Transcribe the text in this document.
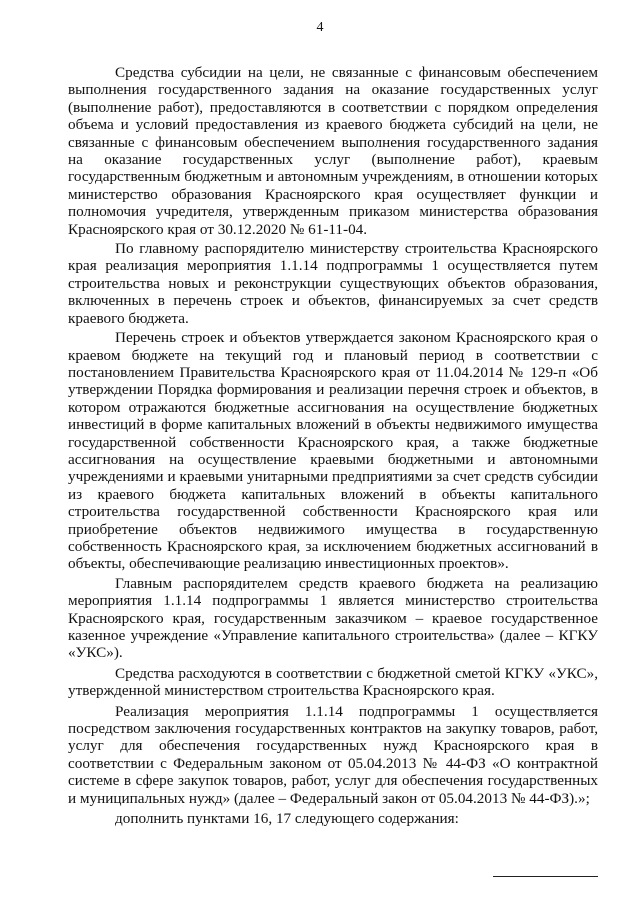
4

Средства субсидии на цели, не связанные с финансовым обеспечением выполнения государственного задания на оказание государственных услуг (выполнение работ), предоставляются в соответствии с порядком определения объема и условий предоставления из краевого бюджета субсидий на цели, не связанные с финансовым обеспечением выполнения государственного задания на оказание государственных услуг (выполнение работ), краевым государственным бюджетным и автономным учреждениям, в отношении которых министерство образования Красноярского края осуществляет функции и полномочия учредителя, утвержденным приказом министерства образования Красноярского края от 30.12.2020 № 61-11-04.

По главному распорядителю министерству строительства Красноярского края реализация мероприятия 1.1.14 подпрограммы 1 осуществляется путем строительства новых и реконструкции существующих объектов образования, включенных в перечень строек и объектов, финансируемых за счет средств краевого бюджета.

Перечень строек и объектов утверждается законом Красноярского края о краевом бюджете на текущий год и плановый период в соответствии с постановлением Правительства Красноярского края от 11.04.2014 № 129-п «Об утверждении Порядка формирования и реализации перечня строек и объектов, в котором отражаются бюджетные ассигнования на осуществление бюджетных инвестиций в форме капитальных вложений в объекты недвижимого имущества государственной собственности Красноярского края, а также бюджетные ассигнования на осуществление краевыми бюджетными и автономными учреждениями и краевыми унитарными предприятиями за счет средств субсидии из краевого бюджета капитальных вложений в объекты капитального строительства государственной собственности Красноярского края или приобретение объектов недвижимого имущества в государственную собственность Красноярского края, за исключением бюджетных ассигнований в объекты, обеспечивающие реализацию инвестиционных проектов».

Главным распорядителем средств краевого бюджета на реализацию мероприятия 1.1.14 подпрограммы 1 является министерство строительства Красноярского края, государственным заказчиком – краевое государственное казенное учреждение «Управление капитального строительства» (далее – КГКУ «УКС»).

Средства расходуются в соответствии с бюджетной сметой КГКУ «УКС», утвержденной министерством строительства Красноярского края.

Реализация мероприятия 1.1.14 подпрограммы 1 осуществляется посредством заключения государственных контрактов на закупку товаров, работ, услуг для обеспечения государственных нужд Красноярского края в соответствии с Федеральным законом от 05.04.2013 № 44-ФЗ «О контрактной системе в сфере закупок товаров, работ, услуг для обеспечения государственных и муниципальных нужд» (далее – Федеральный закон от 05.04.2013 № 44-ФЗ).»;

дополнить пунктами 16, 17 следующего содержания:
